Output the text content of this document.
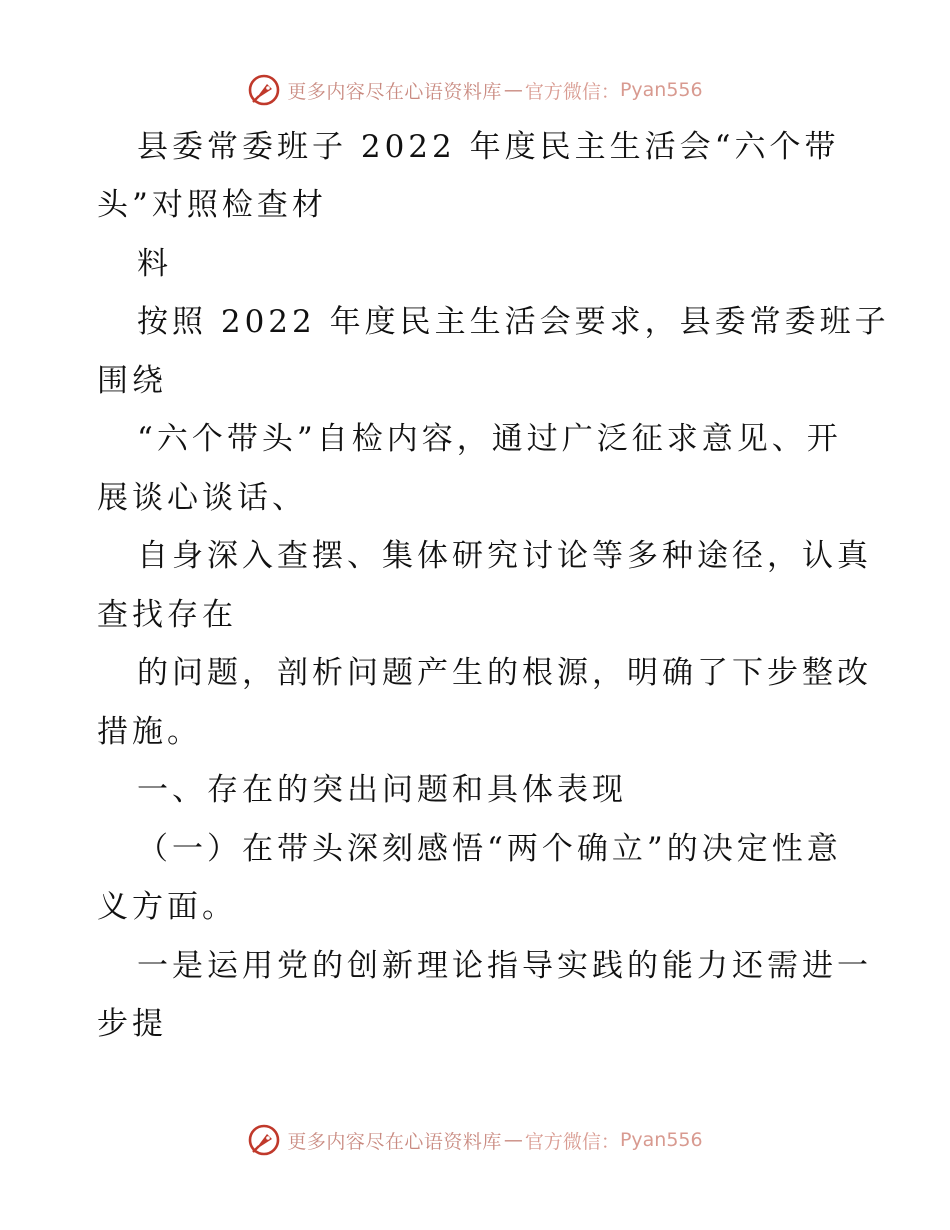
更多内容尽在心语资料库 — 官方微信： Pyan556
县委常委班子 2022 年度民主生活会“六个带
头”对照检查材
料
按照 2022 年度民主生活会要求，县委常委班子
围绕
“六个带头”自检内容，通过广泛征求意见、开
展谈心谈话、
自身深入查摆、集体研究讨论等多种途径，认真
查找存在
的问题，剖析问题产生的根源，明确了下步整改
措施。
一、存在的突出问题和具体表现
（一）在带头深刻感悟“两个确立”的决定性意
义方面。
一是运用党的创新理论指导实践的能力还需进一
步提
更多内容尽在心语资料库 — 官方微信： Pyan556
